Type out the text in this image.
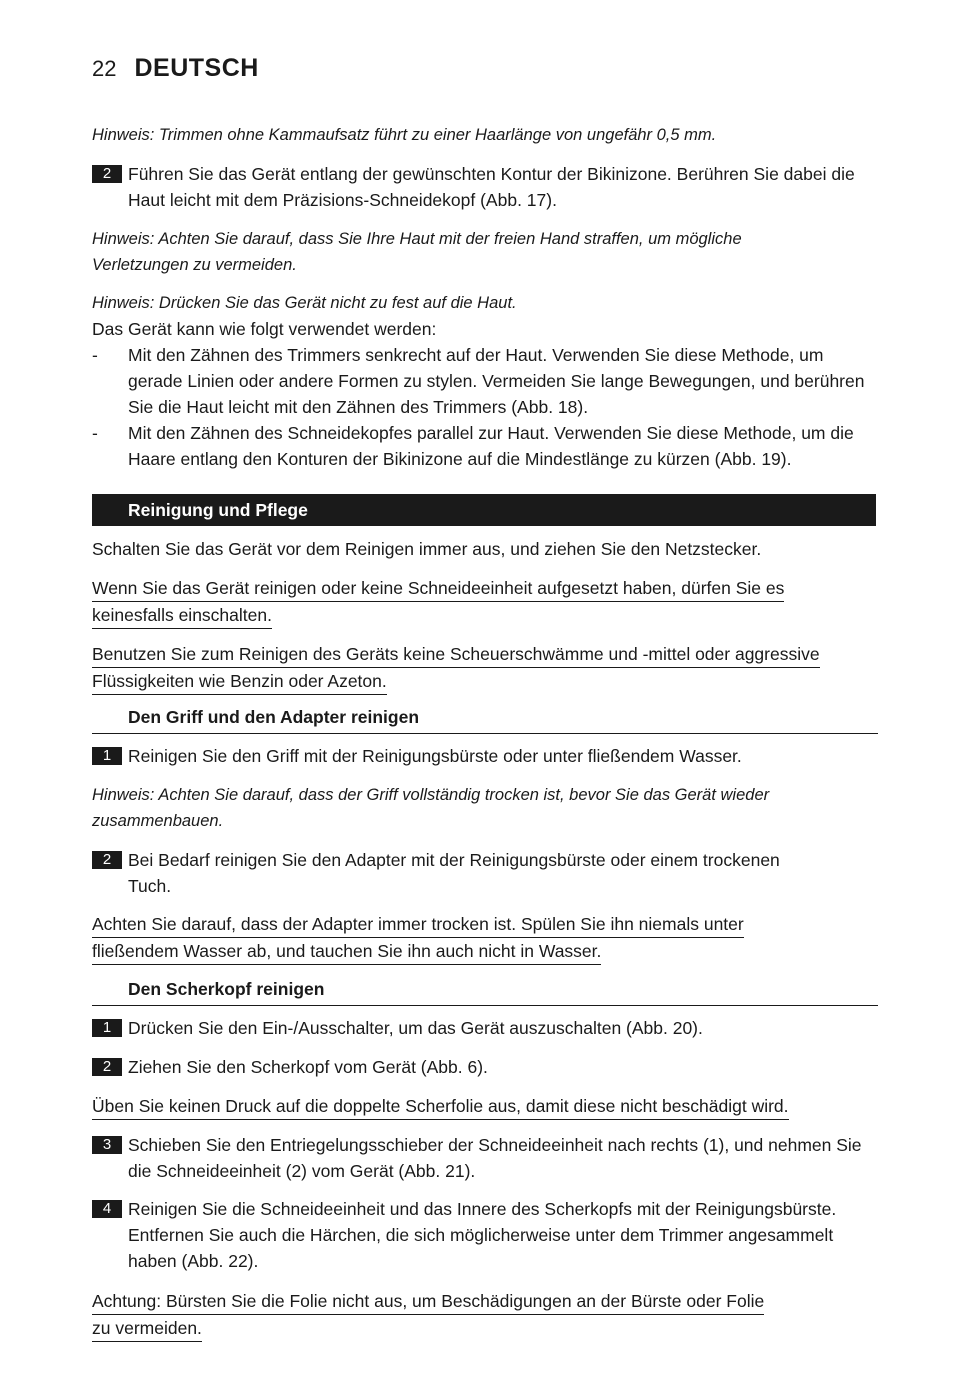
22 DEUTSCH
Hinweis: Trimmen ohne Kammaufsatz führt zu einer Haarlänge von ungefähr 0,5 mm.
2 Führen Sie das Gerät entlang der gewünschten Kontur der Bikinizone. Berühren Sie dabei die Haut leicht mit dem Präzisions-Schneidekopf (Abb. 17).
Hinweis: Achten Sie darauf, dass Sie Ihre Haut mit der freien Hand straffen, um mögliche Verletzungen zu vermeiden.
Hinweis: Drücken Sie das Gerät nicht zu fest auf die Haut.
Das Gerät kann wie folgt verwendet werden:
- Mit den Zähnen des Trimmers senkrecht auf der Haut. Verwenden Sie diese Methode, um gerade Linien oder andere Formen zu stylen. Vermeiden Sie lange Bewegungen, und berühren Sie die Haut leicht mit den Zähnen des Trimmers (Abb. 18).
- Mit den Zähnen des Schneidekopfes parallel zur Haut. Verwenden Sie diese Methode, um die Haare entlang den Konturen der Bikinizone auf die Mindestlänge zu kürzen (Abb. 19).
Reinigung und Pflege
Schalten Sie das Gerät vor dem Reinigen immer aus, und ziehen Sie den Netzstecker.
Wenn Sie das Gerät reinigen oder keine Schneideeinheit aufgesetzt haben, dürfen Sie es
keinesfalls einschalten.
Benutzen Sie zum Reinigen des Geräts keine Scheuerschwämme und -mittel oder aggressive
Flüssigkeiten wie Benzin oder Azeton.
Den Griff und den Adapter reinigen
1 Reinigen Sie den Griff mit der Reinigungsbürste oder unter fließendem Wasser.
Hinweis: Achten Sie darauf, dass der Griff vollständig trocken ist, bevor Sie das Gerät wieder zusammenbauen.
2 Bei Bedarf reinigen Sie den Adapter mit der Reinigungsbürste oder einem trockenen Tuch.
Achten Sie darauf, dass der Adapter immer trocken ist. Spülen Sie ihn niemals unter
fließendem Wasser ab, und tauchen Sie ihn auch nicht in Wasser.
Den Scherkopf reinigen
1 Drücken Sie den Ein-/Ausschalter, um das Gerät auszuschalten (Abb. 20).
2 Ziehen Sie den Scherkopf vom Gerät (Abb. 6).
Üben Sie keinen Druck auf die doppelte Scherfolie aus, damit diese nicht beschädigt wird.
3 Schieben Sie den Entriegelungsschieber der Schneideeinheit nach rechts (1), und nehmen Sie die Schneideeinheit (2) vom Gerät (Abb. 21).
4 Reinigen Sie die Schneideeinheit und das Innere des Scherkopfs mit der Reinigungsbürste. Entfernen Sie auch die Härchen, die sich möglicherweise unter dem Trimmer angesammelt haben (Abb. 22).
Achtung: Bürsten Sie die Folie nicht aus, um Beschädigungen an der Bürste oder Folie
zu vermeiden.
